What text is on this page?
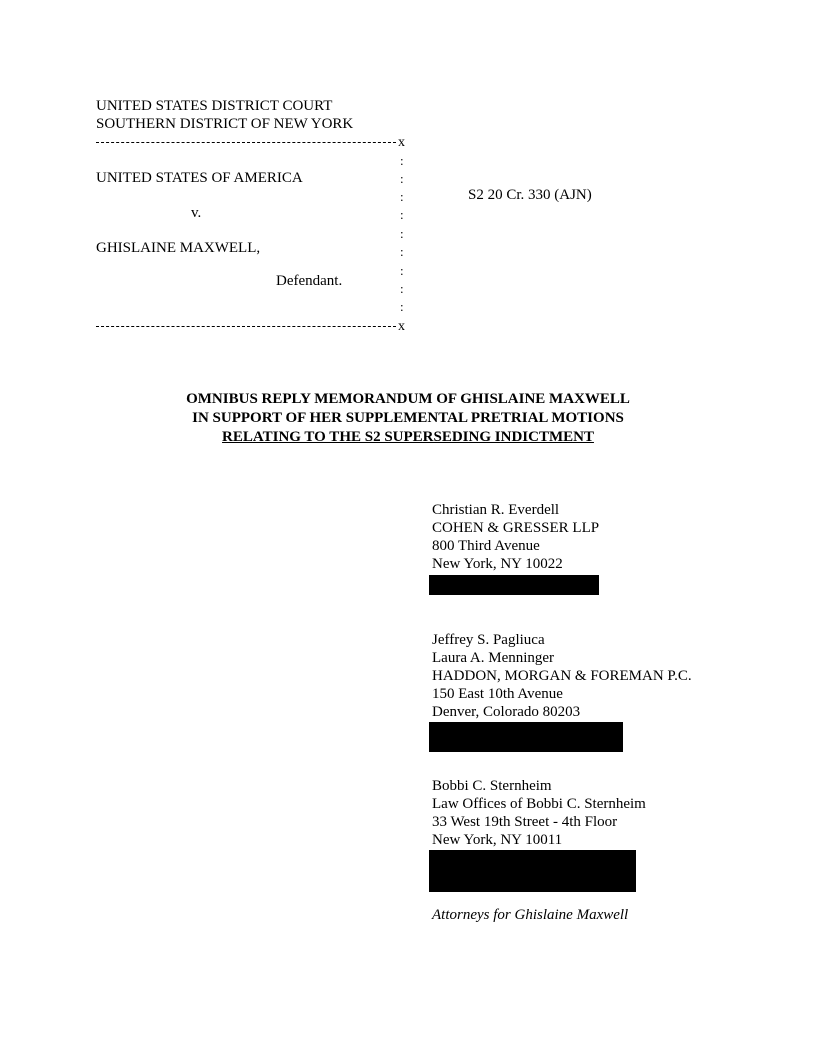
UNITED STATES DISTRICT COURT
SOUTHERN DISTRICT OF NEW YORK
x
x
:
:
:
:
:
:
:
:
:
UNITED STATES OF AMERICA
v.
GHISLAINE MAXWELL,
Defendant.
S2 20 Cr. 330 (AJN)
OMNIBUS REPLY MEMORANDUM OF GHISLAINE MAXWELL
IN SUPPORT OF HER SUPPLEMENTAL PRETRIAL MOTIONS
RELATING TO THE S2 SUPERSEDING INDICTMENT
Christian R. Everdell
COHEN & GRESSER LLP
800 Third Avenue
New York, NY 10022
Jeffrey S. Pagliuca
Laura A. Menninger
HADDON, MORGAN & FOREMAN P.C.
150 East 10th Avenue
Denver, Colorado 80203
Bobbi C. Sternheim
Law Offices of Bobbi C. Sternheim
33 West 19th Street - 4th Floor
New York, NY 10011
Attorneys for Ghislaine Maxwell
